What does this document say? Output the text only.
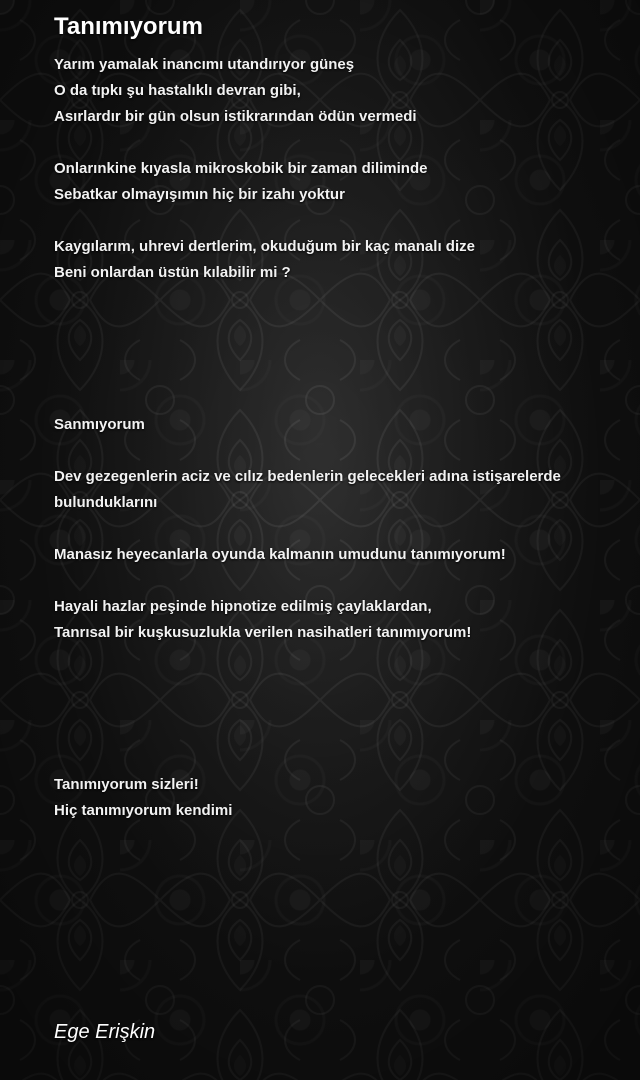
Tanımıyorum
Yarım yamalak inancımı utandırıyor güneş
O da tıpkı şu hastalıklı devran gibi,
Asırlardır bir gün olsun istikrarından ödün vermedi
Onlarınkine kıyasla mikroskobik bir zaman diliminde
Sebatkar olmayışımın hiç bir izahı yoktur
Kaygılarım, uhrevi dertlerim, okuduğum bir kaç manalı dize
Beni onlardan üstün kılabilir mi ?
Sanmıyorum
Dev gezegenlerin aciz ve cılız bedenlerin gelecekleri adına istişarelerde
bulunduklarını
Manasız heyecanlarla oyunda kalmanın umudunu tanımıyorum!
Hayali hazlar peşinde hipnotize edilmiş çaylaklardan,
Tanrısal bir kuşkusuzlukla verilen nasihatleri tanımıyorum!
Tanımıyorum sizleri!
Hiç tanımıyorum kendimi
Ege Erişkin
